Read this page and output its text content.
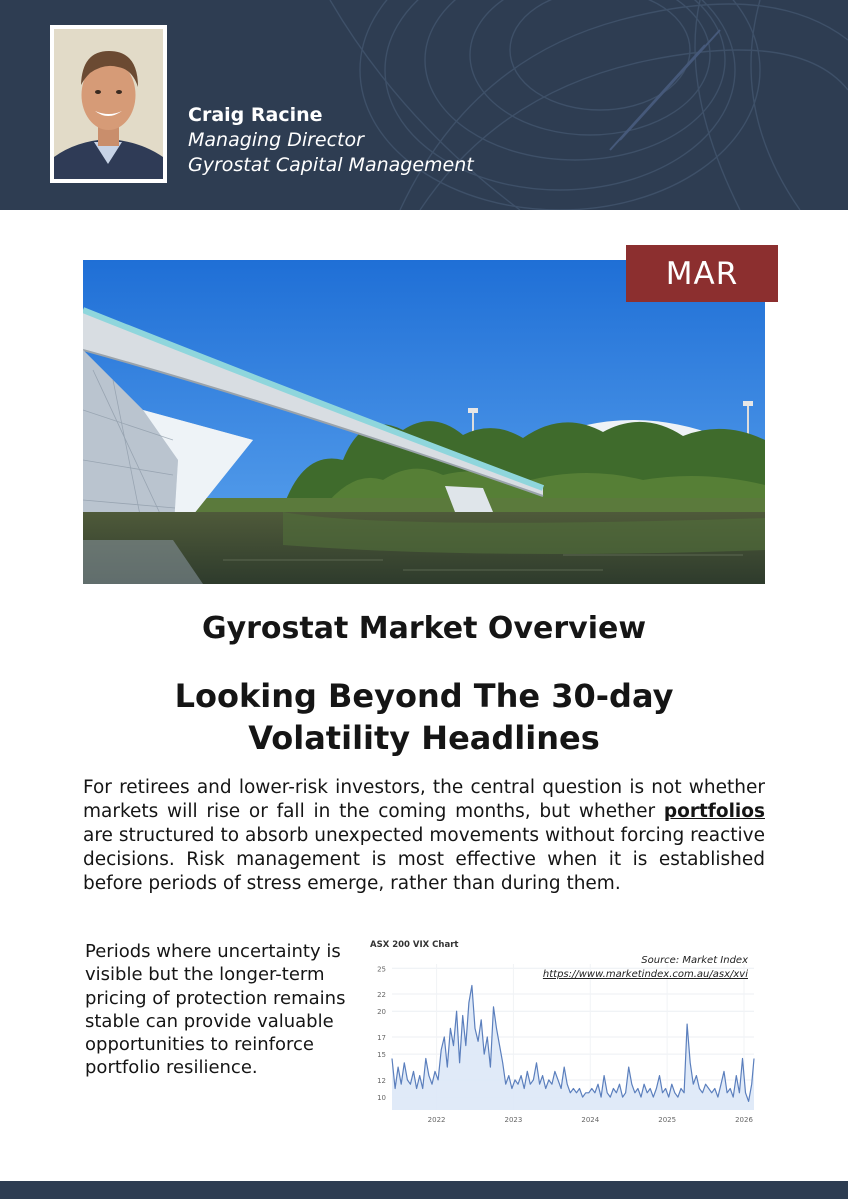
Craig Racine
Managing Director
Gyrostat Capital Management
MAR
Gyrostat Market Overview
Looking Beyond The 30-day
Volatility Headlines

For retirees and lower-risk investors, the central question is not whether markets will rise or fall in the coming months, but whether portfolios are structured to absorb unexpected movements without forcing reactive decisions. Risk management is most effective when it is established before periods of stress emerge, rather than during them.

Periods where uncertainty is visible but the longer-term pricing of protection remains stable can provide valuable opportunities to reinforce portfolio resilience.

10
12
15
17
20
22
25
2022	2023	2024	2025	2026
ASX 200 VIX Chart
Source: Market Index
https://www.marketindex.com.au/asx/xvi
